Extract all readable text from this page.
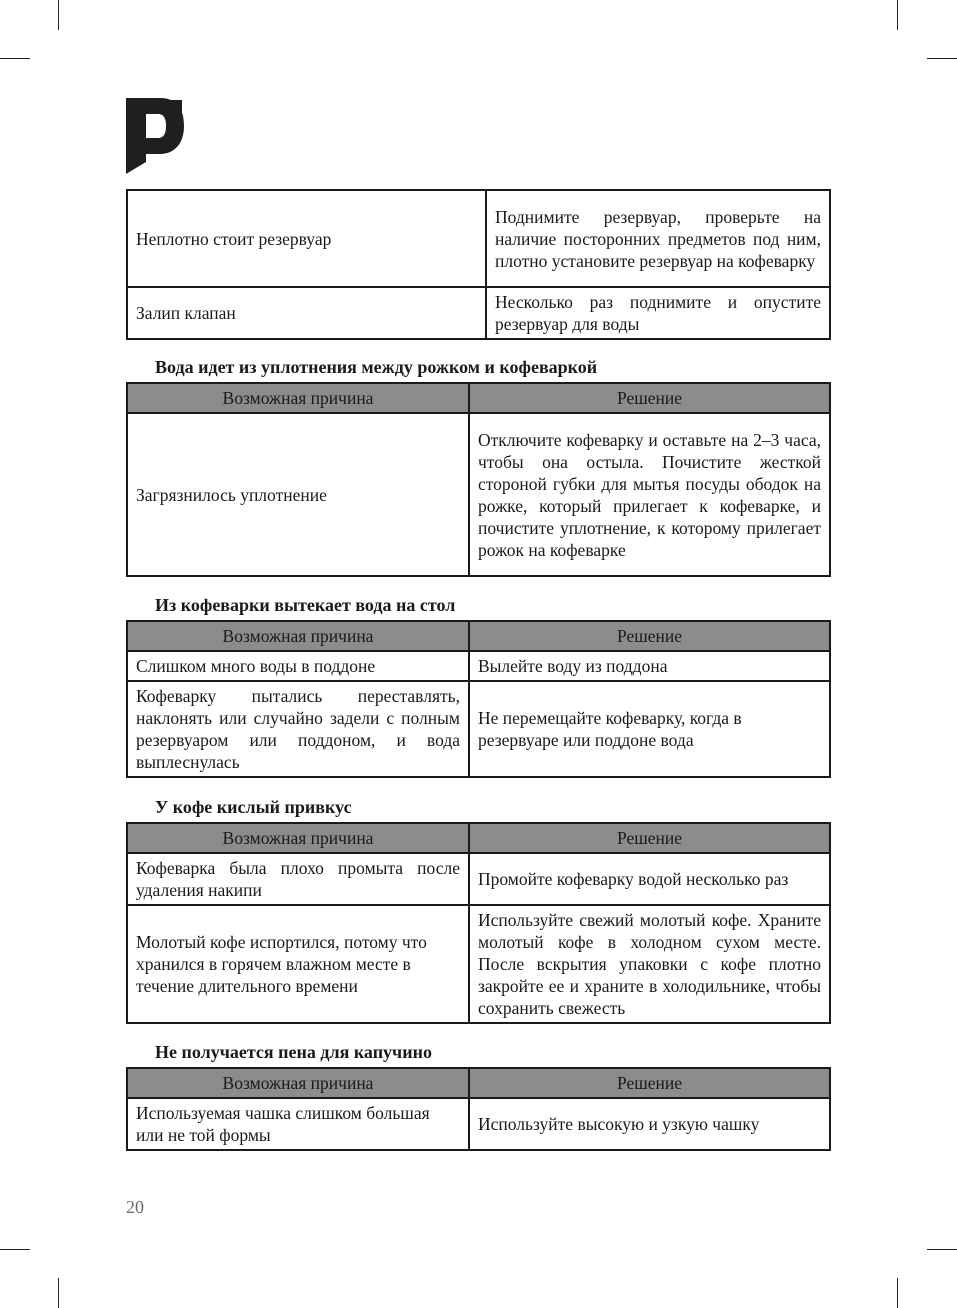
Неплотно стоит резервуар	Поднимите резервуар, проверьте на наличие посторонних предметов под ним, плотно установите резервуар на кофеварку
Залип клапан	Несколько раз поднимите и опустите резервуар для воды
Вода идет из уплотнения между рожком и кофеваркой
Возможная причина	Решение
Загрязнилось уплотнение	Отключите кофеварку и оставьте на 2–3 часа, чтобы она остыла. Почистите жесткой стороной губки для мытья посуды ободок на рожке, который прилегает к кофеварке, и почистите уплотнение, к которому прилегает рожок на кофеварке
Из кофеварки вытекает вода на стол
Возможная причина	Решение
Слишком много воды в поддоне	Вылейте воду из поддона
Кофеварку пытались переставлять, наклонять или случайно задели с полным резервуаром или поддоном, и вода выплеснулась	Не перемещайте кофеварку, когда в резервуаре или поддоне вода
У кофе кислый привкус
Возможная причина	Решение
Кофеварка была плохо промыта после удаления накипи	Промойте кофеварку водой несколько раз
Молотый кофе испортился, потому что хранился в горячем влажном месте в течение длительного времени	Используйте свежий молотый кофе. Храните молотый кофе в холодном сухом месте. После вскрытия упаковки с кофе плотно закройте ее и храните в холодильнике, чтобы сохранить свежесть
Не получается пена для капучино
Возможная причина	Решение
Используемая чашка слишком большая или не той формы	Используйте высокую и узкую чашку
20
